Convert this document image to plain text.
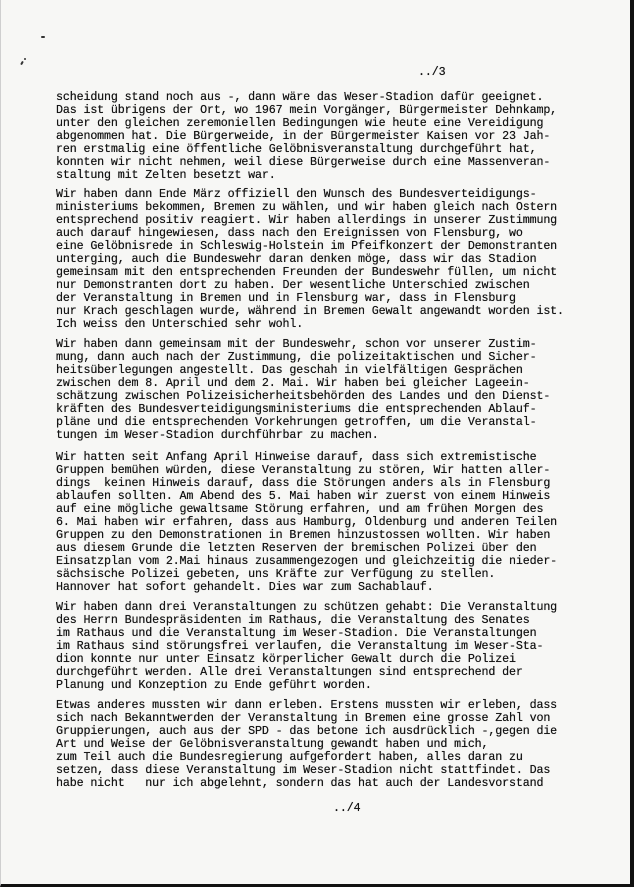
../3
scheidung stand noch aus -, dann wäre das Weser-Stadion dafür geeignet.
Das ist übrigens der Ort, wo 1967 mein Vorgänger, Bürgermeister Dehnkamp,
unter den gleichen zeremoniellen Bedingungen wie heute eine Vereidigung
abgenommen hat. Die Bürgerweide, in der Bürgermeister Kaisen vor 23 Jah-
ren erstmalig eine öffentliche Gelöbnisveranstaltung durchgeführt hat,
konnten wir nicht nehmen, weil diese Bürgerweise durch eine Massenveran-
staltung mit Zelten besetzt war.
Wir haben dann Ende März offiziell den Wunsch des Bundesverteidigungs-
ministeriums bekommen, Bremen zu wählen, und wir haben gleich nach Ostern
entsprechend positiv reagiert. Wir haben allerdings in unserer Zustimmung
auch darauf hingewiesen, dass nach den Ereignissen von Flensburg, wo
eine Gelöbnisrede in Schleswig-Holstein im Pfeifkonzert der Demonstranten
unterging, auch die Bundeswehr daran denken möge, dass wir das Stadion
gemeinsam mit den entsprechenden Freunden der Bundeswehr füllen, um nicht
nur Demonstranten dort zu haben. Der wesentliche Unterschied zwischen
der Veranstaltung in Bremen und in Flensburg war, dass in Flensburg
nur Krach geschlagen wurde, während in Bremen Gewalt angewandt worden ist.
Ich weiss den Unterschied sehr wohl.
Wir haben dann gemeinsam mit der Bundeswehr, schon vor unserer Zustim-
mung, dann auch nach der Zustimmung, die polizeitaktischen und Sicher-
heitsüberlegungen angestellt. Das geschah in vielfältigen Gesprächen
zwischen dem 8. April und dem 2. Mai. Wir haben bei gleicher Lageein-
schätzung zwischen Polizeisicherheitsbehörden des Landes und den Dienst-
kräften des Bundesverteidigungsministeriums die entsprechenden Ablauf-
pläne und die entsprechenden Vorkehrungen getroffen, um die Veranstal-
tungen im Weser-Stadion durchführbar zu machen.
Wir hatten seit Anfang April Hinweise darauf, dass sich extremistische
Gruppen bemühen würden, diese Veranstaltung zu stören, Wir hatten aller-
dings  keinen Hinweis darauf, dass die Störungen anders als in Flensburg
ablaufen sollten. Am Abend des 5. Mai haben wir zuerst von einem Hinweis
auf eine mögliche gewaltsame Störung erfahren, und am frühen Morgen des
6. Mai haben wir erfahren, dass aus Hamburg, Oldenburg und anderen Teilen
Gruppen zu den Demonstrationen in Bremen hinzustossen wollten. Wir haben
aus diesem Grunde die letzten Reserven der bremischen Polizei über den
Einsatzplan vom 2.Mai hinaus zusammengezogen und gleichzeitig die nieder-
sächsische Polizei gebeten, uns Kräfte zur Verfügung zu stellen.
Hannover hat sofort gehandelt. Dies war zum Sachablauf.
Wir haben dann drei Veranstaltungen zu schützen gehabt: Die Veranstaltung
des Herrn Bundespräsidenten im Rathaus, die Veranstaltung des Senates
im Rathaus und die Veranstaltung im Weser-Stadion. Die Veranstaltungen
im Rathaus sind störungsfrei verlaufen, die Veranstaltung im Weser-Sta-
dion konnte nur unter Einsatz körperlicher Gewalt durch die Polizei
durchgeführt werden. Alle drei Veranstaltungen sind entsprechend der
Planung und Konzeption zu Ende geführt worden.
Etwas anderes mussten wir dann erleben. Erstens mussten wir erleben, dass
sich nach Bekanntwerden der Veranstaltung in Bremen eine grosse Zahl von
Gruppierungen, auch aus der SPD - das betone ich ausdrücklich -,gegen die
Art und Weise der Gelöbnisveranstaltung gewandt haben und mich,
zum Teil auch die Bundesregierung aufgefordert haben, alles daran zu
setzen, dass diese Veranstaltung im Weser-Stadion nicht stattfindet. Das
habe nicht   nur ich abgelehnt, sondern das hat auch der Landesvorstand
../4
